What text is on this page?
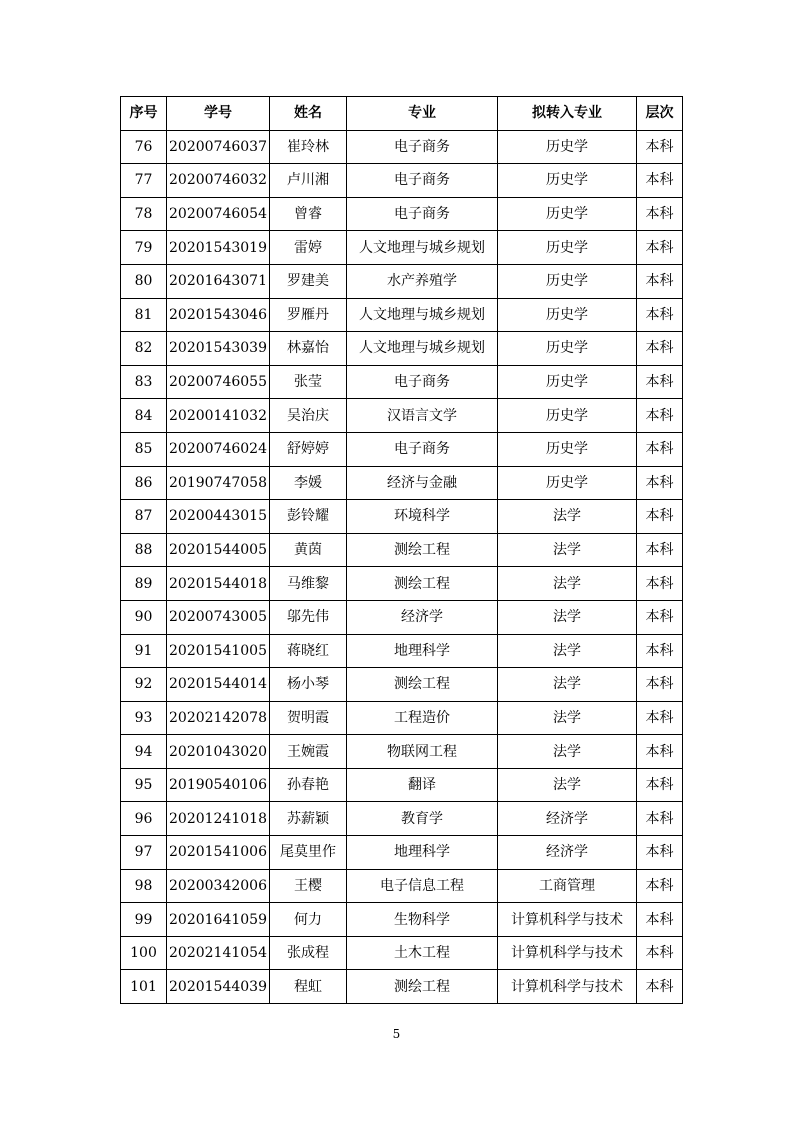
序号	学号	姓名	专业	拟转入专业	层次
76	20200746037	崔玲林	电子商务	历史学	本科
77	20200746032	卢川湘	电子商务	历史学	本科
78	20200746054	曾睿	电子商务	历史学	本科
79	20201543019	雷婷	人文地理与城乡规划	历史学	本科
80	20201643071	罗建美	水产养殖学	历史学	本科
81	20201543046	罗雁丹	人文地理与城乡规划	历史学	本科
82	20201543039	林嘉怡	人文地理与城乡规划	历史学	本科
83	20200746055	张莹	电子商务	历史学	本科
84	20200141032	吴治庆	汉语言文学	历史学	本科
85	20200746024	舒婷婷	电子商务	历史学	本科
86	20190747058	李媛	经济与金融	历史学	本科
87	20200443015	彭铃耀	环境科学	法学	本科
88	20201544005	黄茵	测绘工程	法学	本科
89	20201544018	马维黎	测绘工程	法学	本科
90	20200743005	邬先伟	经济学	法学	本科
91	20201541005	蒋晓红	地理科学	法学	本科
92	20201544014	杨小琴	测绘工程	法学	本科
93	20202142078	贺明霞	工程造价	法学	本科
94	20201043020	王婉霞	物联网工程	法学	本科
95	20190540106	孙春艳	翻译	法学	本科
96	20201241018	苏薪颖	教育学	经济学	本科
97	20201541006	尾莫里作	地理科学	经济学	本科
98	20200342006	王樱	电子信息工程	工商管理	本科
99	20201641059	何力	生物科学	计算机科学与技术	本科
100	20202141054	张成程	土木工程	计算机科学与技术	本科
101	20201544039	程虹	测绘工程	计算机科学与技术	本科
5
